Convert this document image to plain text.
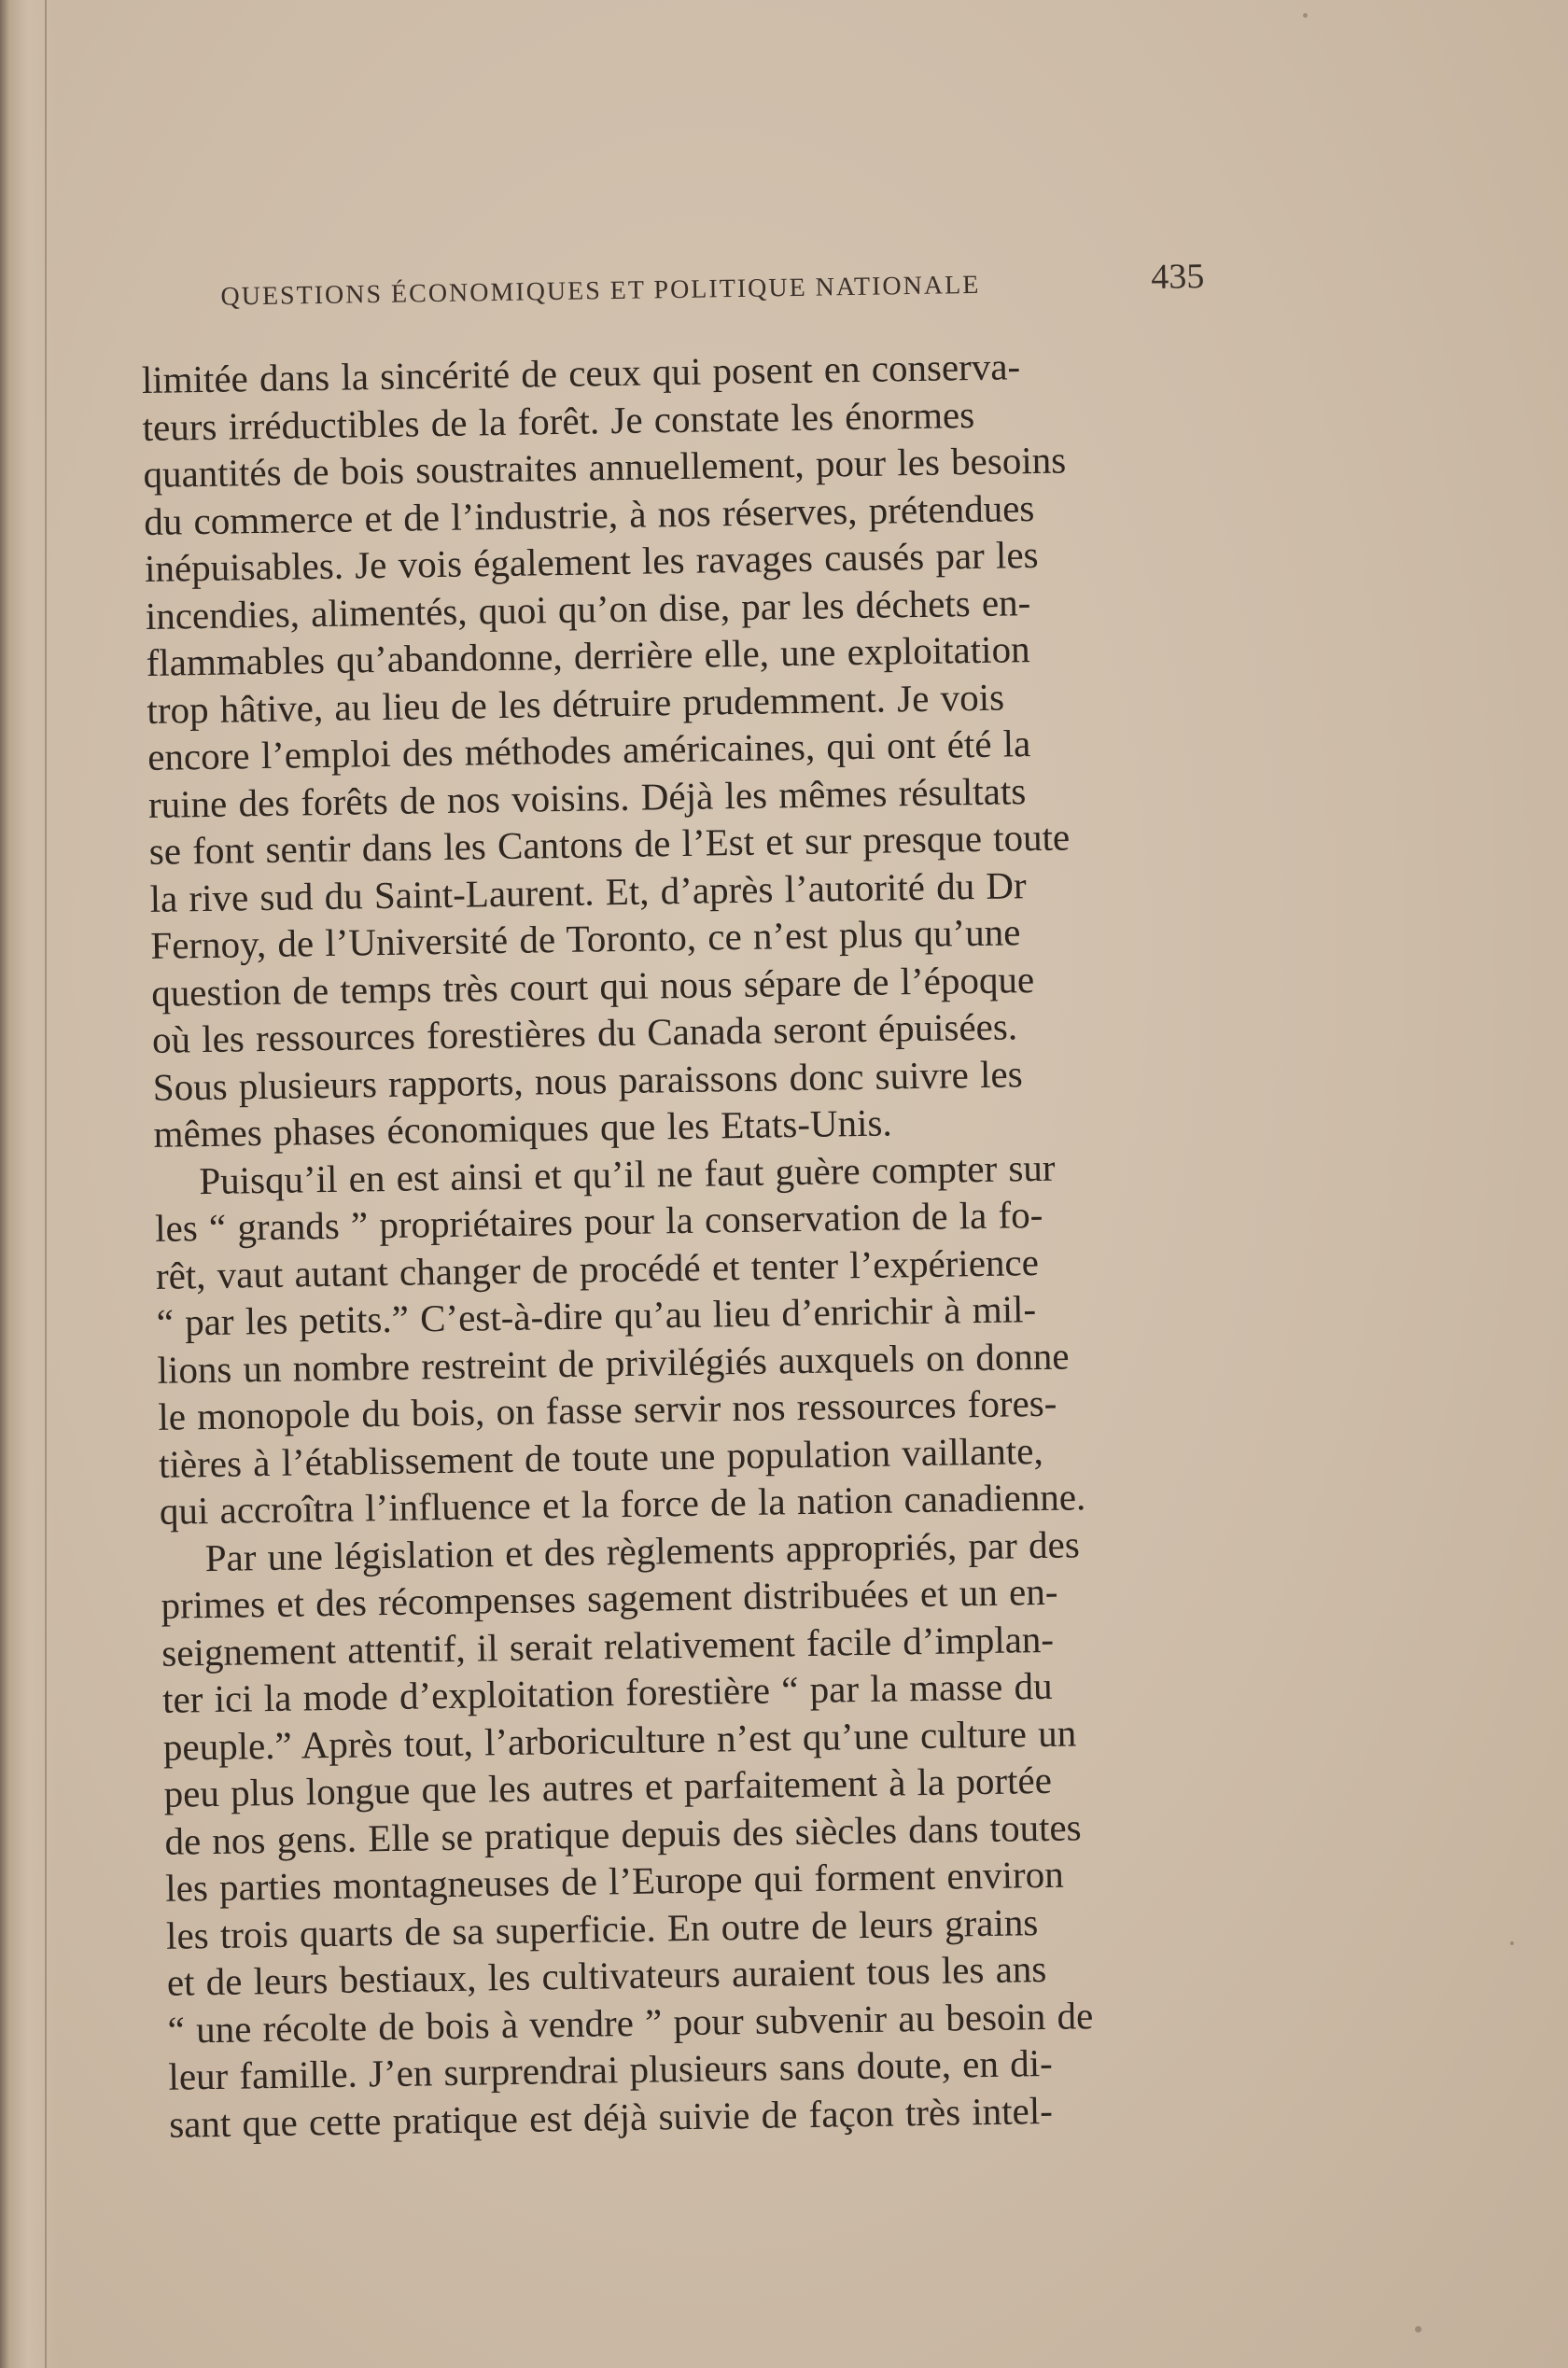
QUESTIONS ÉCONOMIQUES ET POLITIQUE NATIONALE	435

limitée dans la sincérité de ceux qui posent en conserva-
teurs irréductibles de la forêt. Je constate les énormes
quantités de bois soustraites annuellement, pour les besoins
du commerce et de l’industrie, à nos réserves, prétendues
inépuisables. Je vois également les ravages causés par les
incendies, alimentés, quoi qu’on dise, par les déchets en-
flammables qu’abandonne, derrière elle, une exploitation
trop hâtive, au lieu de les détruire prudemment. Je vois
encore l’emploi des méthodes américaines, qui ont été la
ruine des forêts de nos voisins. Déjà les mêmes résultats
se font sentir dans les Cantons de l’Est et sur presque toute
la rive sud du Saint-Laurent. Et, d’après l’autorité du Dr
Fernoy, de l’Université de Toronto, ce n’est plus qu’une
question de temps très court qui nous sépare de l’époque
où les ressources forestières du Canada seront épuisées.
Sous plusieurs rapports, nous paraissons donc suivre les
mêmes phases économiques que les Etats-Unis.

Puisqu’il en est ainsi et qu’il ne faut guère compter sur
les “ grands ” propriétaires pour la conservation de la fo-
rêt, vaut autant changer de procédé et tenter l’expérience
“ par les petits.” C’est-à-dire qu’au lieu d’enrichir à mil-
lions un nombre restreint de privilégiés auxquels on donne
le monopole du bois, on fasse servir nos ressources fores-
tières à l’établissement de toute une population vaillante,
qui accroîtra l’influence et la force de la nation canadienne.

Par une législation et des règlements appropriés, par des
primes et des récompenses sagement distribuées et un en-
seignement attentif, il serait relativement facile d’implan-
ter ici la mode d’exploitation forestière “ par la masse du
peuple.” Après tout, l’arboriculture n’est qu’une culture un
peu plus longue que les autres et parfaitement à la portée
de nos gens. Elle se pratique depuis des siècles dans toutes
les parties montagneuses de l’Europe qui forment environ
les trois quarts de sa superficie. En outre de leurs grains
et de leurs bestiaux, les cultivateurs auraient tous les ans
“ une récolte de bois à vendre ” pour subvenir au besoin de
leur famille. J’en surprendrai plusieurs sans doute, en di-
sant que cette pratique est déjà suivie de façon très intel-
